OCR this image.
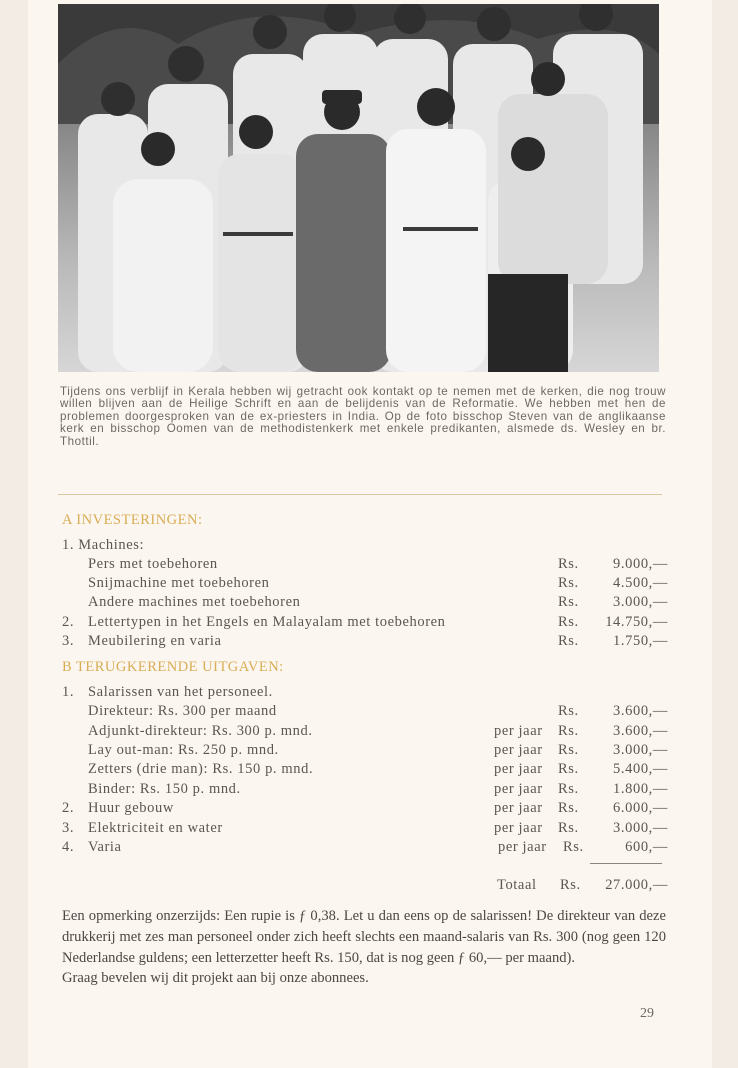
Tijdens ons verblijf in Kerala hebben wij getracht ook kontakt op te nemen met de kerken, die nog trouw willen blijven aan de Heilige Schrift en aan de belijdenis van de Reformatie. We hebben met hen de problemen doorgesproken van de ex-priesters in India. Op de foto bisschop Steven van de anglikaanse kerk en bisschop Oomen van de methodistenkerk met enkele predikanten, alsmede ds. Wesley en br. Thottil.
A INVESTERINGEN:
1. Machines:
Pers met toebehoren	Rs. 9.000,—
Snijmachine met toebehoren	Rs. 4.500,—
Andere machines met toebehoren	Rs. 3.000,—
2. Lettertypen in het Engels en Malayalam met toebehoren	Rs. 14.750,—
3. Meubilering en varia	Rs. 1.750,—
B TERUGKERENDE UITGAVEN:
1. Salarissen van het personeel.
Direkteur: Rs. 300 per maand	Rs. 3.600,—
Adjunkt-direkteur: Rs. 300 p. mnd.	per jaar Rs. 3.600,—
Lay out-man: Rs. 250 p. mnd.	per jaar Rs. 3.000,—
Zetters (drie man): Rs. 150 p. mnd.	per jaar Rs. 5.400,—
Binder: Rs. 150 p. mnd.	per jaar Rs. 1.800,—
2. Huur gebouw	per jaar Rs. 6.000,—
3. Elektriciteit en water	per jaar Rs. 3.000,—
4. Varia	per jaar Rs.	600,—
Totaal Rs. 27.000,—
Een opmerking onzerzijds: Een rupie is ƒ 0,38. Let u dan eens op de salarissen! De direkteur van deze drukkerij met zes man personeel onder zich heeft slechts een maand-salaris van Rs. 300 (nog geen 120 Nederlandse guldens; een letterzetter heeft Rs. 150, dat is nog geen ƒ 60,— per maand).
Graag bevelen wij dit projekt aan bij onze abonnees.
29
